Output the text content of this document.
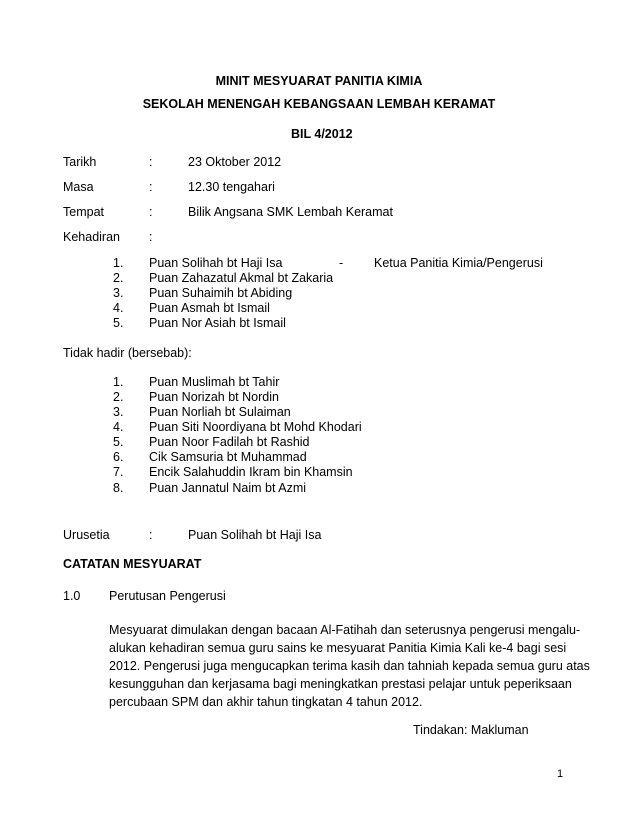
MINIT MESYUARAT PANITIA KIMIA
SEKOLAH MENENGAH KEBANGSAAN LEMBAH KERAMAT
BIL 4/2012
Tarikh	:	23 Oktober 2012
Masa	:	12.30 tengahari
Tempat	:	Bilik Angsana SMK Lembah Keramat
Kehadiran :
1. Puan Solihah bt Haji Isa	- Ketua Panitia Kimia/Pengerusi
2. Puan Zahazatul Akmal bt Zakaria
3. Puan Suhaimih bt Abiding
4. Puan Asmah bt Ismail
5. Puan Nor Asiah bt Ismail
Tidak hadir (bersebab):
1. Puan Muslimah bt Tahir
2. Puan Norizah bt Nordin
3. Puan Norliah bt Sulaiman
4. Puan Siti Noordiyana bt Mohd Khodari
5. Puan Noor Fadilah bt Rashid
6. Cik Samsuria bt Muhammad
7. Encik Salahuddin Ikram bin Khamsin
8. Puan Jannatul Naim bt Azmi
Urusetia	:	Puan Solihah bt Haji Isa
CATATAN MESYUARAT
1.0 Perutusan Pengerusi
Mesyuarat dimulakan dengan bacaan Al-Fatihah dan seterusnya pengerusi mengalu-
alukan kehadiran semua guru sains ke mesyuarat Panitia Kimia Kali ke-4 bagi sesi
2012. Pengerusi juga mengucapkan terima kasih dan tahniah kepada semua guru atas
kesungguhan dan kerjasama bagi meningkatkan prestasi pelajar untuk peperiksaan
percubaan SPM dan akhir tahun tingkatan 4 tahun 2012.
Tindakan: Makluman
1
